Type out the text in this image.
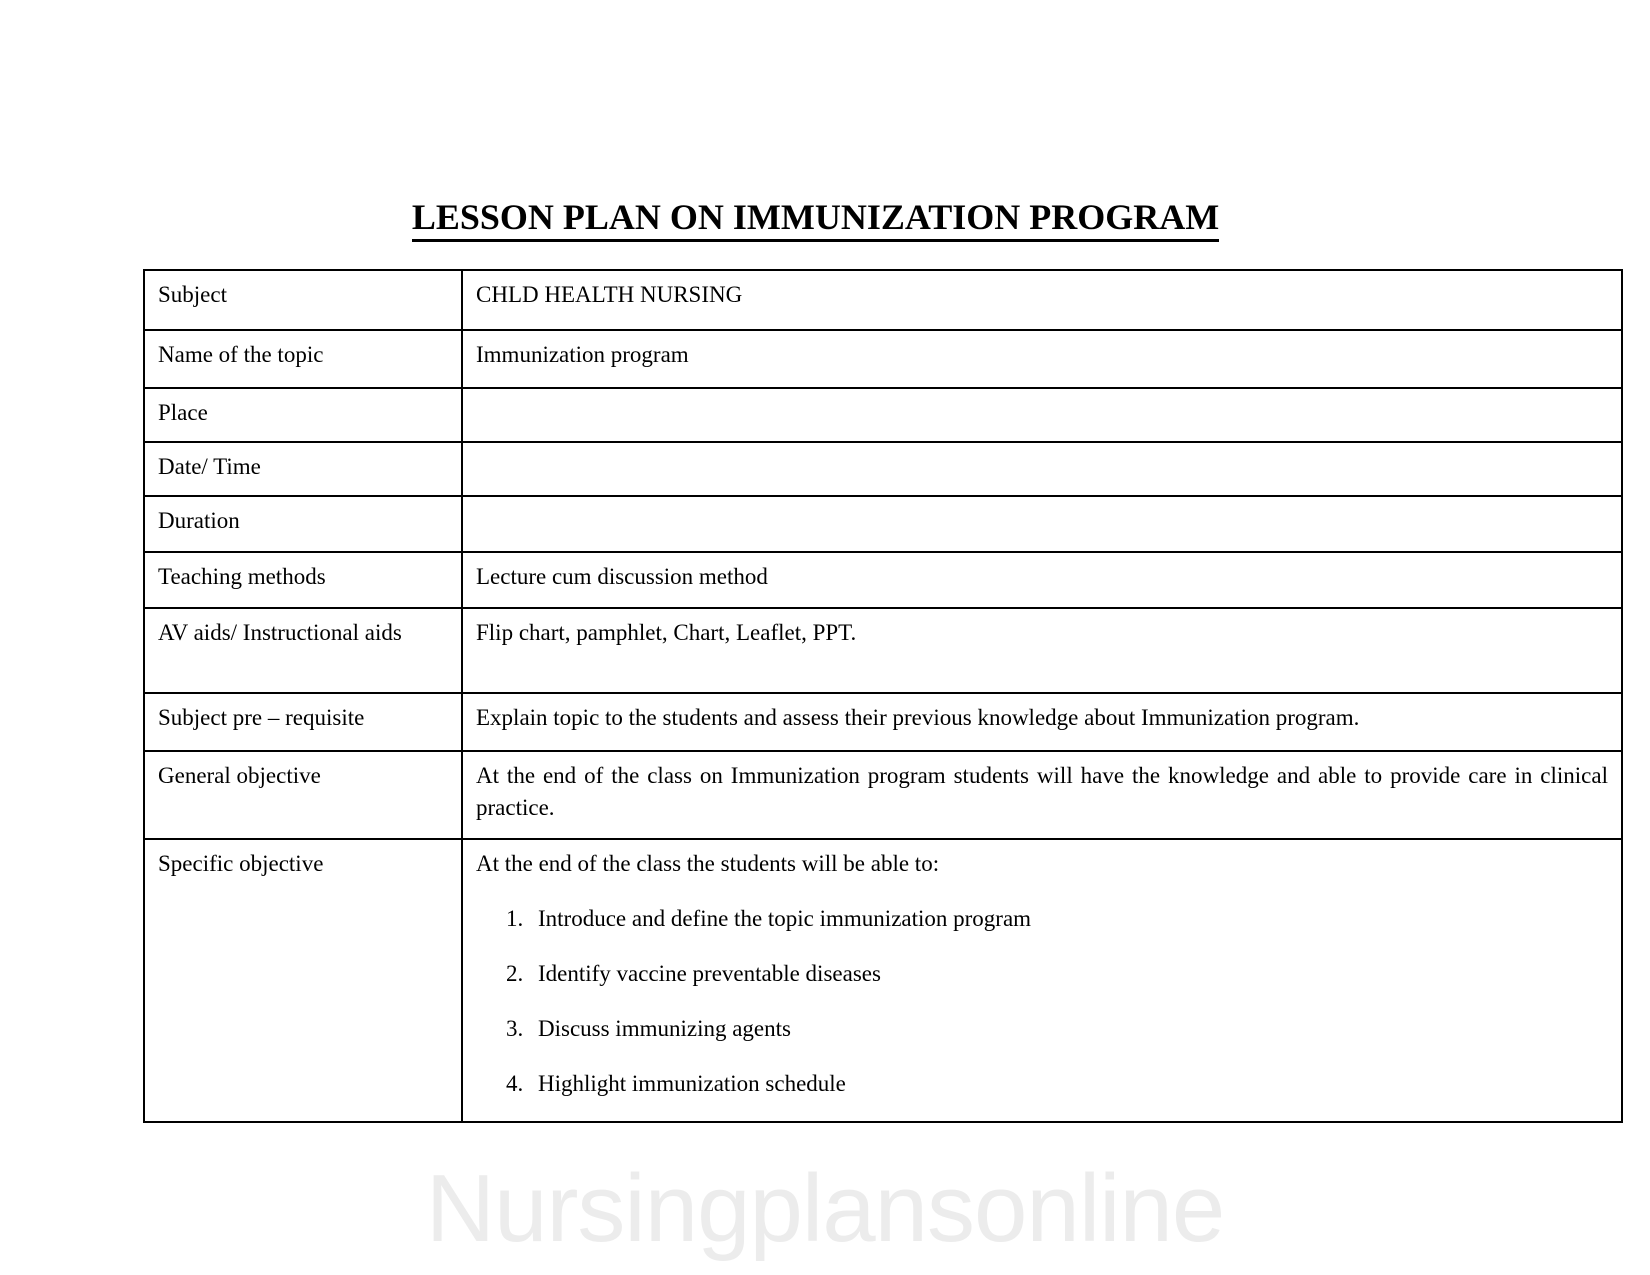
LESSON PLAN ON IMMUNIZATION PROGRAM
Subject	CHLD HEALTH NURSING
Name of the topic	Immunization program
Place	
Date/ Time	
Duration	
Teaching methods	Lecture cum discussion method
AV aids/ Instructional aids	Flip chart, pamphlet, Chart, Leaflet, PPT.
Subject pre – requisite	Explain topic to the students and assess their previous knowledge about Immunization program.
General objective	At the end of the class on Immunization program students will have the knowledge and able to provide care in clinical practice.
Specific objective	At the end of the class the students will be able to:

Introduce and define the topic immunization program
Identify vaccine preventable diseases
Discuss immunizing agents
Highlight immunization schedule
Nursingplansonline
